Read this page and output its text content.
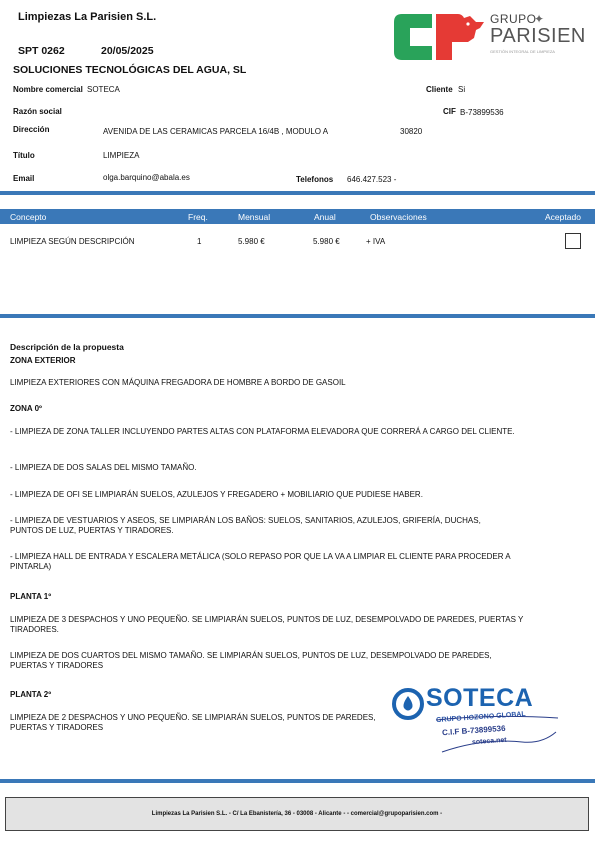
Limpiezas La Parisien S.L.
SPT 0262	20/05/2025
SOLUCIONES TECNOLÓGICAS DEL AGUA, SL
GRUPO
✦
PARISIEN
GESTIÓN INTEGRAL DE LIMPIEZA
Nombre comercial SOTECA	Cliente Si
Razón social	CIF B-73899536
Dirección	AVENIDA DE LAS CERAMICAS PARCELA 16/4B , MODULO A	30820
Título	LIMPIEZA
Email	olga.barquino@abala.es	Telefonos 646.427.523 -
Concepto	Freq.	Mensual	Anual	Observaciones	Aceptado
LIMPIEZA SEGÚN DESCRIPCIÓN	1	5.980 €	5.980 €	+ IVA
Descripción de la propuesta
ZONA EXTERIOR
LIMPIEZA EXTERIORES CON MÁQUINA FREGADORA DE HOMBRE A BORDO DE GASOIL
ZONA 0º
- LIMPIEZA DE ZONA TALLER INCLUYENDO PARTES ALTAS CON PLATAFORMA ELEVADORA QUE CORRERÁ A CARGO DEL CLIENTE.
- LIMPIEZA DE DOS SALAS DEL MISMO TAMAÑO.
- LIMPIEZA DE OFI SE LIMPIARÁN SUELOS, AZULEJOS Y FREGADERO + MOBILIARIO QUE PUDIESE HABER.
- LIMPIEZA DE VESTUARIOS Y ASEOS, SE LIMPIARÁN LOS BAÑOS: SUELOS, SANITARIOS, AZULEJOS, GRIFERÍA, DUCHAS, PUNTOS DE LUZ, PUERTAS Y TIRADORES.
- LIMPIEZA HALL DE ENTRADA Y ESCALERA METÁLICA (SOLO REPASO POR QUE LA VA A LIMPIAR EL CLIENTE PARA PROCEDER A PINTARLA)
PLANTA 1º
LIMPIEZA DE 3 DESPACHOS Y UNO PEQUEÑO. SE LIMPIARÁN SUELOS, PUNTOS DE LUZ, DESEMPOLVADO DE PAREDES, PUERTAS Y TIRADORES.
LIMPIEZA DE DOS CUARTOS DEL MISMO TAMAÑO. SE LIMPIARÁN SUELOS, PUNTOS DE LUZ, DESEMPOLVADO DE PAREDES, PUERTAS Y TIRADORES
PLANTA 2º
LIMPIEZA DE 2 DESPACHOS Y UNO PEQUEÑO. SE LIMPIARÁN SUELOS, PUNTOS DE PAREDES, PUERTAS Y TIRADORES
SOTECA
GRUPO HOZONO GLOBAL
C.I.F B-73899536
soteca.net
Limpiezas La Parisien S.L. - C/ La Ebanistería, 36 - 03008 - Alicante - - comercial@grupoparisien.com -
